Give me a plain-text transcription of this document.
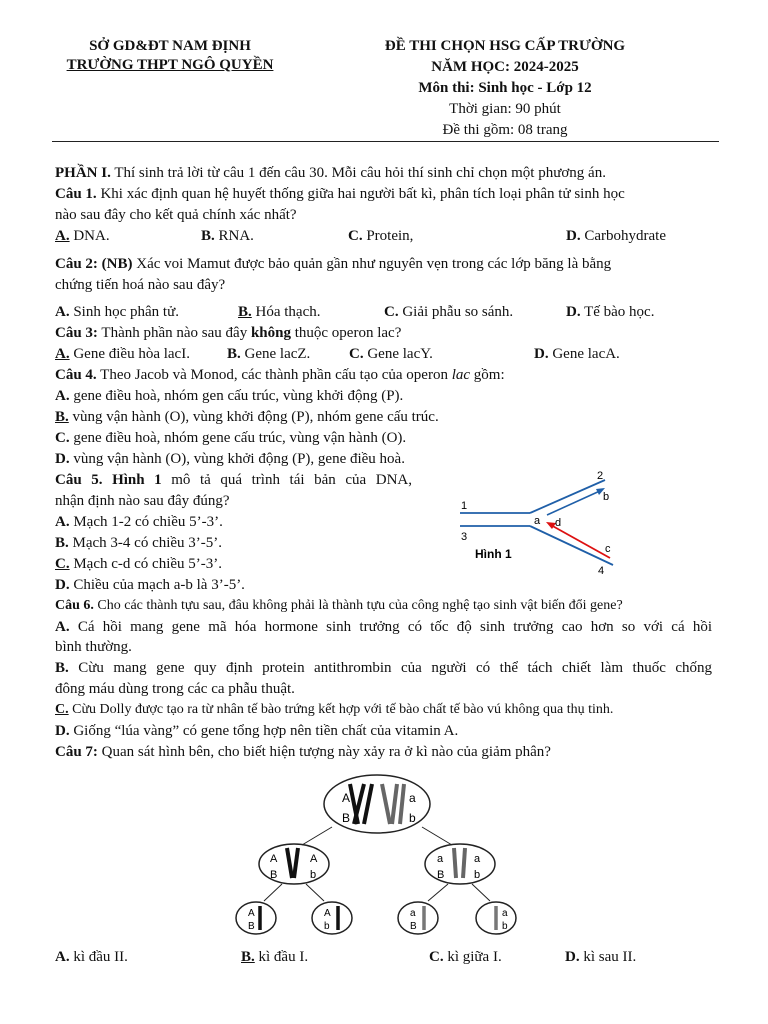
SỞ GD&ĐT NAM ĐỊNH
TRƯỜNG THPT NGÔ QUYỀN
ĐỀ THI CHỌN HSG CẤP TRƯỜNG
NĂM HỌC: 2024-2025
Môn thi: Sinh học - Lớp 12
Thời gian: 90 phút
Đề thi gồm: 08 trang
PHẦN I. Thí sinh trả lời từ câu 1 đến câu 30. Mỗi câu hỏi thí sinh chỉ chọn một phương án.
Câu 1. Khi xác định quan hệ huyết thống giữa hai người bất kì, phân tích loại phân tử sinh học
nào sau đây cho kết quả chính xác nhất?
A. DNA.	B. RNA.	C. Protein,	D. Carbohydrate
Câu 2: (NB) Xác voi Mamut được bảo quản gần như nguyên vẹn trong các lớp băng là bằng
chứng tiến hoá nào sau đây?
A. Sinh học phân tử.	B. Hóa thạch.	C. Giải phẫu so sánh.	D. Tế bào học.
Câu 3: Thành phần nào sau đây không thuộc operon lac?
A. Gene điều hòa lacI. B. Gene lacZ.	C. Gene lacY.	D. Gene lacA.
Câu 4. Theo Jacob và Monod, các thành phần cấu tạo của operon lac gồm:
A. gene điều hoà, nhóm gen cấu trúc, vùng khởi động (P).
B. vùng vận hành (O), vùng khởi động (P), nhóm gene cấu trúc.
C. gene điều hoà, nhóm gene cấu trúc, vùng vận hành (O).
D. vùng vận hành (O), vùng khởi động (P), gene điều hoà.
Câu 5. Hình 1 mô tả quá trình tái bản của DNA,
nhận định nào sau đây đúng?
A. Mạch 1-2 có chiều 5’-3’.
B. Mạch 3-4 có chiều 3’-5’.
C. Mạch c-d có chiều 5’-3’.
D. Chiều của mạch a-b là 3’-5’.
1
2
3
4
a
b
c
d
Hình 1
Câu 6. Cho các thành tựu sau, đâu không phải là thành tựu của công nghệ tạo sinh vật biến đổi gene?
A. Cá hồi mang gene mã hóa hormone sinh trưởng có tốc độ sinh trưởng cao hơn so với cá hồi
bình thường.
B. Cừu mang gene quy định protein antithrombin của người có thể tách chiết làm thuốc chống
đông máu dùng trong các ca phẫu thuật.
C. Cừu Dolly được tạo ra từ nhân tế bào trứng kết hợp với tế bào chất tế bào vú không qua thụ tinh.
D. Giống “lúa vàng” có gene tổng hợp nên tiền chất của vitamin A.
Câu 7: Quan sát hình bên, cho biết hiện tượng này xảy ra ở kì nào của giảm phân?
A	a
B	b
A
B
A
b
a
B
a
b
A
B
A
b
a
B
a
b
A. kì đầu II.	B. kì đầu I.	C. kì giữa I.	D. kì sau II.
